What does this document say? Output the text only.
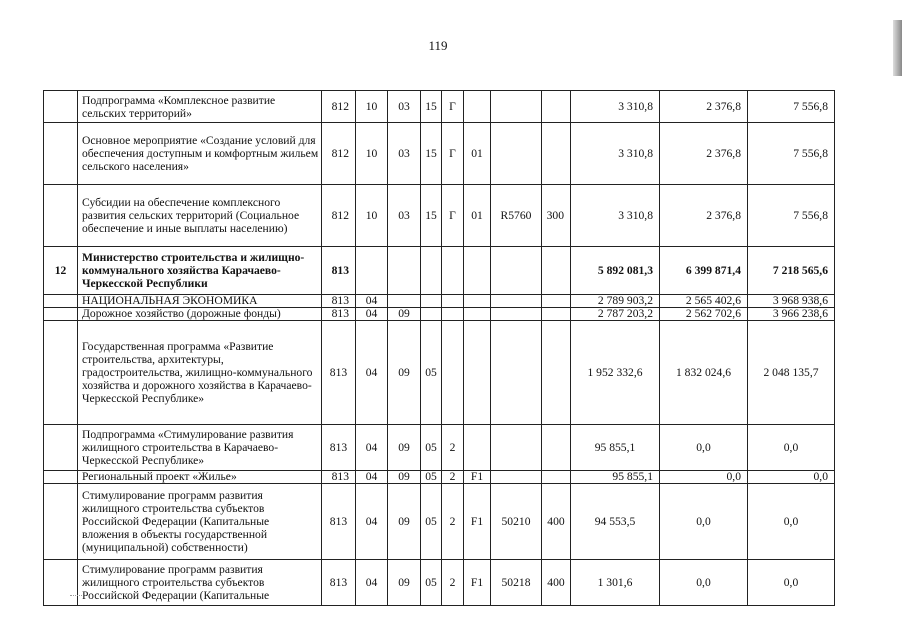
119
	Подпрограмма «Комплексное развитие сельских территорий»	812	10	03	15	Г				3 310,8	2 376,8	7 556,8
	Основное мероприятие «Создание условий для обеспечения доступным и комфортным жильем сельского населения»	812	10	03	15	Г	01			3 310,8	2 376,8	7 556,8
	Субсидии на обеспечение комплексного развития сельских территорий (Социальное обеспечение и иные выплаты населению)	812	10	03	15	Г	01	R5760	300	3 310,8	2 376,8	7 556,8
12	Министерство строительства и жилищно-коммунального хозяйства Карачаево-Черкесской Республики	813								5 892 081,3	6 399 871,4	7 218 565,6
	НАЦИОНАЛЬНАЯ ЭКОНОМИКА	813	04							2 789 903,2	2 565 402,6	3 968 938,6
	Дорожное хозяйство (дорожные фонды)	813	04	09						2 787 203,2	2 562 702,6	3 966 238,6
	Государственная программа «Развитие строительства, архитектуры, градостроительства, жилищно-коммунального хозяйства и дорожного хозяйства в Карачаево-Черкесской Республике»	813	04	09	05					1 952 332,6	1 832 024,6	2 048 135,7
	Подпрограмма «Стимулирование развития жилищного строительства в Карачаево-Черкесской Республике»	813	04	09	05	2				95 855,1	0,0	0,0
	Региональный проект «Жилье»	813	04	09	05	2	F1			95 855,1	0,0	0,0
	Стимулирование программ развития жилищного строительства субъектов Российской Федерации (Капитальные вложения в объекты государственной (муниципальной) собственности)	813	04	09	05	2	F1	50210	400	94 553,5	0,0	0,0
	Стимулирование программ развития жилищного строительства субъектов Российской Федерации (Капитальные	813	04	09	05	2	F1	50218	400	1 301,6	0,0	0,0
